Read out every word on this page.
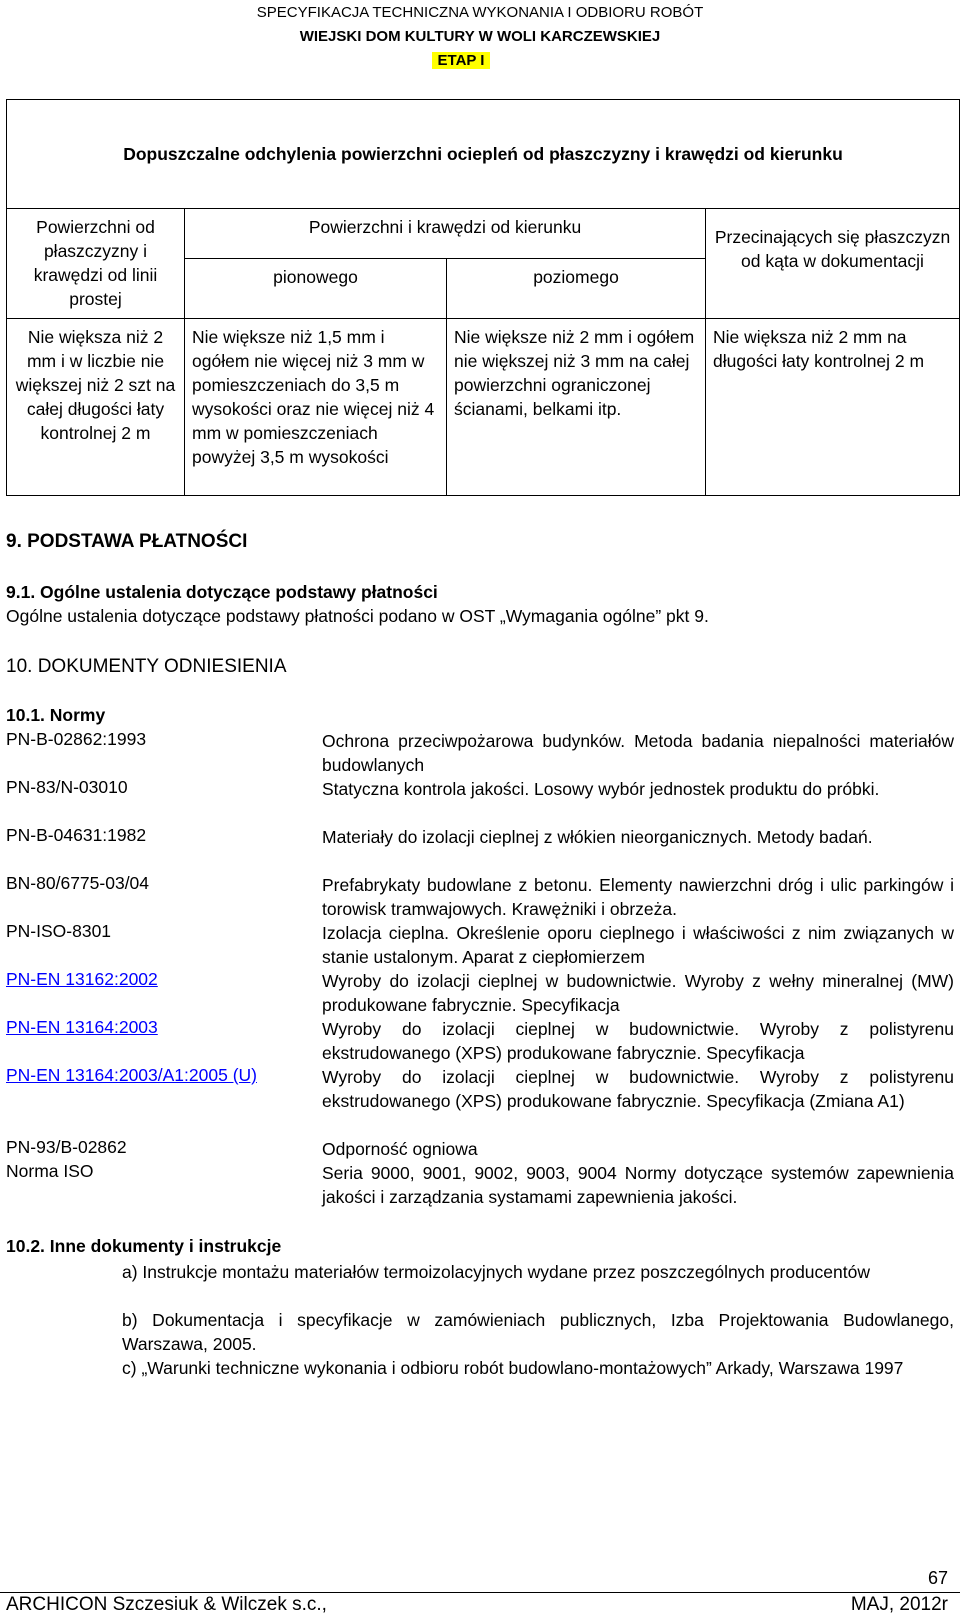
SPECYFIKACJA TECHNICZNA WYKONANIA I ODBIORU ROBÓT
WIEJSKI DOM KULTURY W WOLI KARCZEWSKIEJ
ETAP I
Dopuszczalne odchylenia powierzchni ociepleń od płaszczyzny i krawędzi od kierunku			
Powierzchni od płaszczyzny i krawędzi od linii prostej	Powierzchni i krawędzi od kierunku		Przecinających się płaszczyzn od kąta w dokumentacji
	pionowego	poziomego	
Nie większa niż 2 mm i w liczbie nie większej niż 2 szt na całej długości łaty kontrolnej 2 m	Nie większe niż 1,5 mm i ogółem nie więcej niż 3 mm w pomieszczeniach do 3,5 m wysokości oraz nie więcej niż 4 mm w pomieszczeniach powyżej 3,5 m wysokości	Nie większe niż 2 mm i ogółem nie większej niż 3 mm na całej powierzchni ograniczonej ścianami, belkami itp.	Nie większa niż 2 mm na długości łaty kontrolnej 2 m
9. PODSTAWA PŁATNOŚCI
9.1. Ogólne ustalenia dotyczące podstawy płatności
Ogólne ustalenia dotyczące podstawy płatności podano w OST „Wymagania ogólne” pkt 9.
10. DOKUMENTY ODNIESIENIA
10.1. Normy
PN-B-02862:1993	Ochrona przeciwpożarowa budynków. Metoda badania niepalności materiałów budowlanych
PN-83/N-03010	Statyczna kontrola jakości. Losowy wybór jednostek produktu do próbki.
PN-B-04631:1982	Materiały do izolacji cieplnej z włókien nieorganicznych. Metody badań.
BN-80/6775-03/04	Prefabrykaty budowlane z betonu. Elementy nawierzchni dróg i ulic parkingów i torowisk tramwajowych. Krawężniki i obrzeża.
PN-ISO-8301	Izolacja cieplna. Określenie oporu cieplnego i właściwości z nim związanych w stanie ustalonym. Aparat z ciepłomierzem
PN-EN 13162:2002	Wyroby do izolacji cieplnej w budownictwie. Wyroby z wełny mineralnej (MW) produkowane fabrycznie. Specyfikacja
PN-EN 13164:2003	Wyroby do izolacji cieplnej w budownictwie. Wyroby z polistyrenu ekstrudowanego (XPS) produkowane fabrycznie. Specyfikacja
PN-EN 13164:2003/A1:2005 (U)	Wyroby do izolacji cieplnej w budownictwie. Wyroby z polistyrenu ekstrudowanego (XPS) produkowane fabrycznie. Specyfikacja (Zmiana A1)
PN-93/B-02862	Odporność ogniowa
Norma ISO	Seria 9000, 9001, 9002, 9003, 9004 Normy dotyczące systemów zapewnienia jakości i zarządzania systamami zapewnienia jakości.
10.2. Inne dokumenty i instrukcje
a) Instrukcje montażu materiałów termoizolacyjnych wydane przez poszczególnych producentów
b) Dokumentacja i specyfikacje w zamówieniach publicznych, Izba Projektowania Budowlanego, Warszawa, 2005.
c) „Warunki techniczne wykonania i odbioru robót budowlano-montażowych” Arkady, Warszawa 1997
67
ARCHICON Szczesiuk & Wilczek s.c.,	MAJ, 2012r
